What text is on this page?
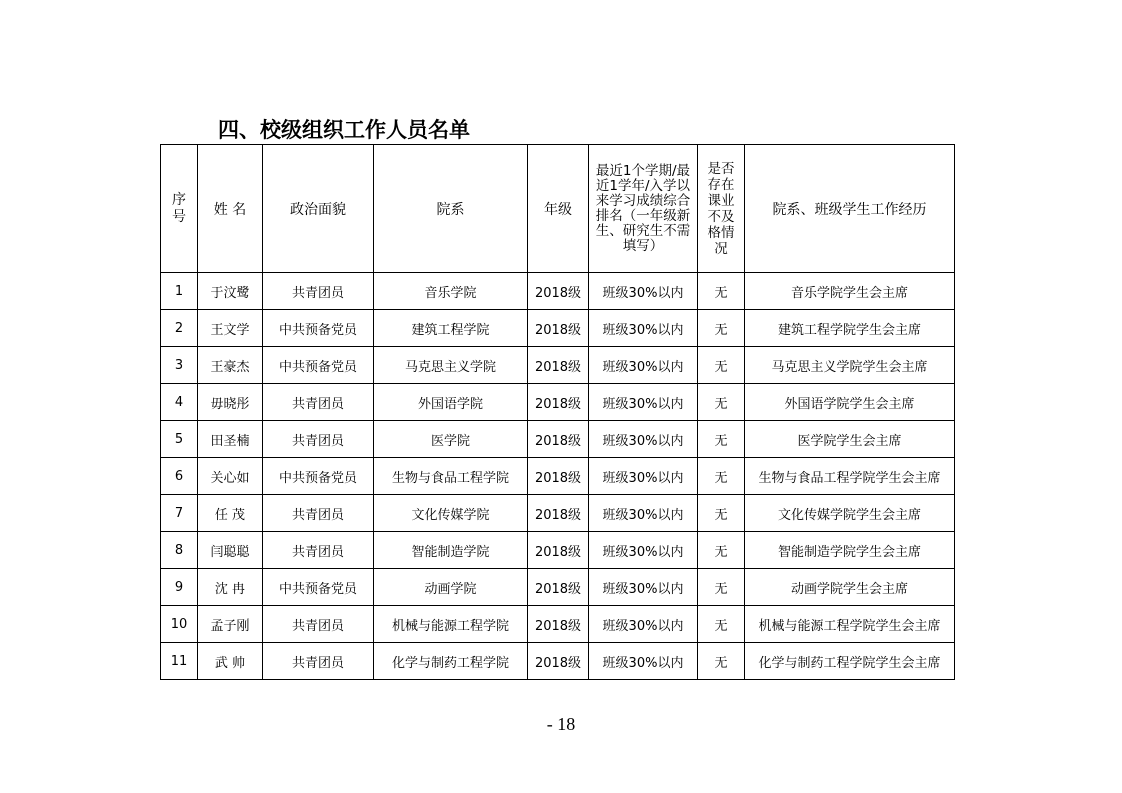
四、校级组织工作人员名单
序号	姓 名	政治面貌	院系	年级	最近1个学期/最近1学年/入学以来学习成绩综合排名（一年级新生、研究生不需填写）	是否存在课业不及格情况	院系、班级学生工作经历
1	于汶鹭	共青团员	音乐学院	2018级	班级30%以内	无	音乐学院学生会主席
2	王文学	中共预备党员	建筑工程学院	2018级	班级30%以内	无	建筑工程学院学生会主席
3	王豪杰	中共预备党员	马克思主义学院	2018级	班级30%以内	无	马克思主义学院学生会主席
4	毋晓彤	共青团员	外国语学院	2018级	班级30%以内	无	外国语学院学生会主席
5	田圣楠	共青团员	医学院	2018级	班级30%以内	无	医学院学生会主席
6	关心如	中共预备党员	生物与食品工程学院	2018级	班级30%以内	无	生物与食品工程学院学生会主席
7	任 茂	共青团员	文化传媒学院	2018级	班级30%以内	无	文化传媒学院学生会主席
8	闫聪聪	共青团员	智能制造学院	2018级	班级30%以内	无	智能制造学院学生会主席
9	沈 冉	中共预备党员	动画学院	2018级	班级30%以内	无	动画学院学生会主席
10	孟子刚	共青团员	机械与能源工程学院	2018级	班级30%以内	无	机械与能源工程学院学生会主席
11	武 帅	共青团员	化学与制药工程学院	2018级	班级30%以内	无	化学与制药工程学院学生会主席
- 18
